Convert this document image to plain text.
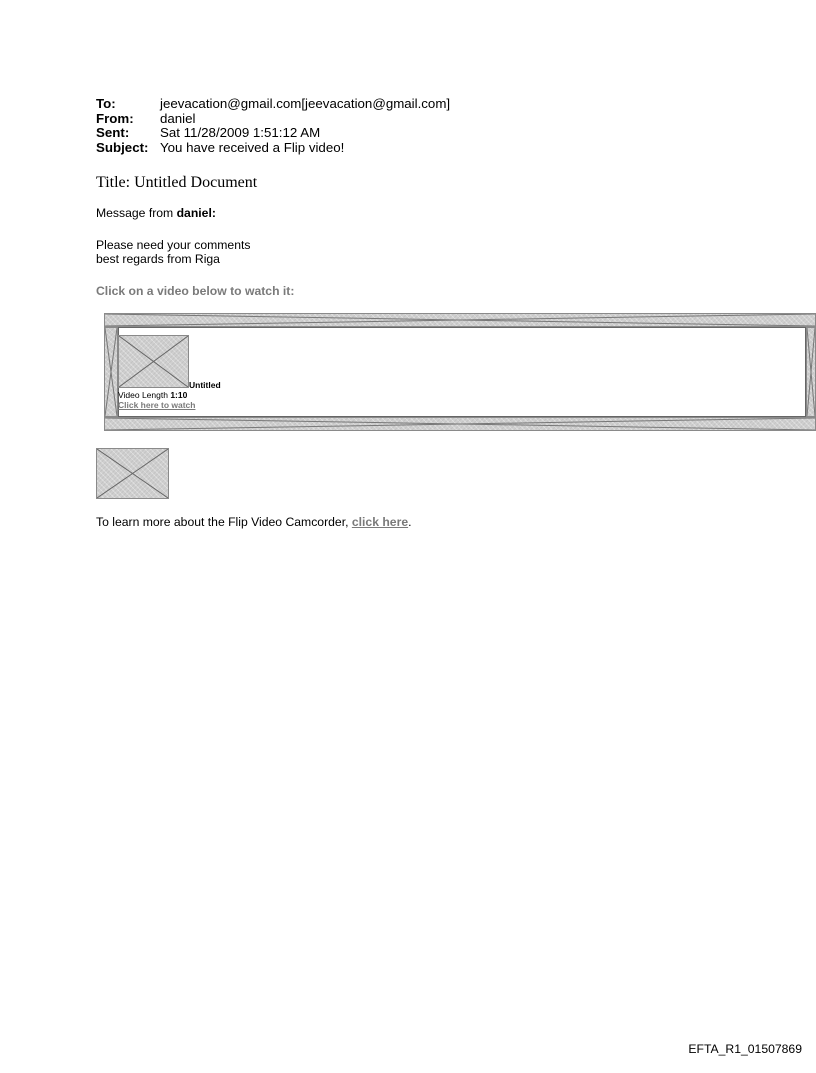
To:	jeevacation@gmail.com[jeevacation@gmail.com]
From:	daniel
Sent:	Sat 11/28/2009 1:51:12 AM
Subject: You have received a Flip video!
Title: Untitled Document
Message from daniel:
Please need your comments
best regards from Riga
Click on a video below to watch it:
Untitled
Video Length 1:10
Click here to watch
To learn more about the Flip Video Camcorder, click here.
EFTA_R1_01507869
